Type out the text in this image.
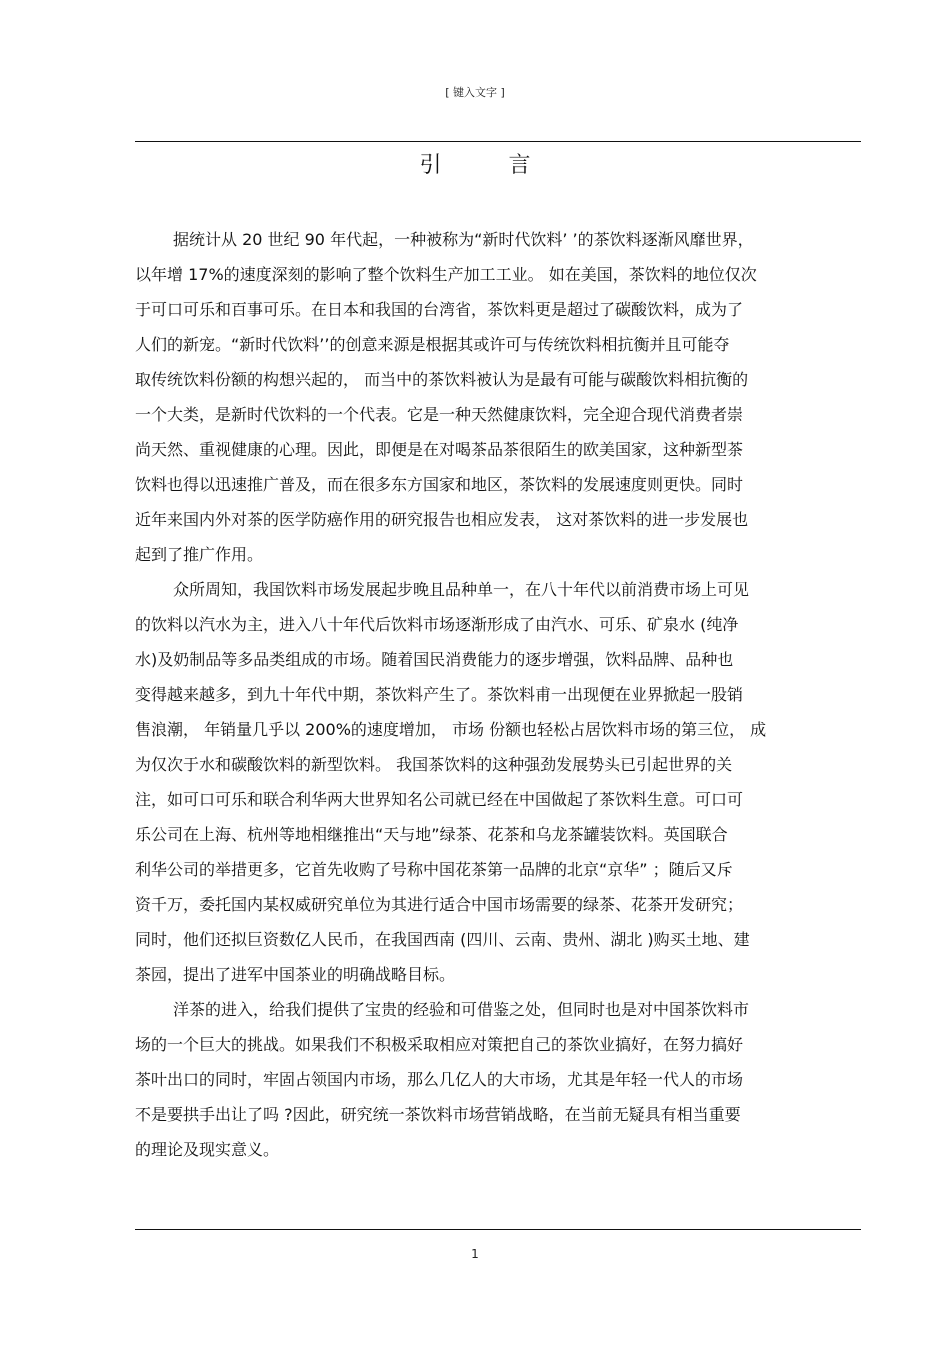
[ 键入文字 ]
引 言
据统计从 20 世纪 90 年代起，一种被称为“新时代饮料’ ’的茶饮料逐渐风靡世界，
以年增 17%的速度深刻的影响了整个饮料生产加工工业。 如在美国，茶饮料的地位仅次
于可口可乐和百事可乐。在日本和我国的台湾省，茶饮料更是超过了碳酸饮料，成为了
人们的新宠。“新时代饮料’’的创意来源是根据其或许可与传统饮料相抗衡并且可能夺
取传统饮料份额的构想兴起的， 而当中的茶饮料被认为是最有可能与碳酸饮料相抗衡的
一个大类，是新时代饮料的一个代表。它是一种天然健康饮料，完全迎合现代消费者崇
尚天然、重视健康的心理。因此，即便是在对喝茶品茶很陌生的欧美国家，这种新型茶
饮料也得以迅速推广普及，而在很多东方国家和地区，茶饮料的发展速度则更快。同时
近年来国内外对茶的医学防癌作用的研究报告也相应发表， 这对茶饮料的进一步发展也
起到了推广作用。
众所周知，我国饮料市场发展起步晚且品种单一，在八十年代以前消费市场上可见
的饮料以汽水为主，进入八十年代后饮料市场逐渐形成了由汽水、可乐、矿泉水 (纯净
水)及奶制品等多品类组成的市场。随着国民消费能力的逐步增强，饮料品牌、品种也
变得越来越多，到九十年代中期，茶饮料产生了。茶饮料甫一出现便在业界掀起一股销
售浪潮， 年销量几乎以 200%的速度增加， 市场 份额也轻松占居饮料市场的第三位， 成
为仅次于水和碳酸饮料的新型饮料。 我国茶饮料的这种强劲发展势头已引起世界的关
注，如可口可乐和联合利华两大世界知名公司就已经在中国做起了茶饮料生意。可口可
乐公司在上海、杭州等地相继推出“天与地”绿茶、花茶和乌龙茶罐装饮料。英国联合
利华公司的举措更多，它首先收购了号称中国花茶第一品牌的北京“京华” ；随后又斥
资千万，委托国内某权威研究单位为其进行适合中国市场需要的绿茶、花茶开发研究；
同时，他们还拟巨资数亿人民币，在我国西南 (四川、云南、贵州、湖北 )购买土地、建
茶园，提出了进军中国茶业的明确战略目标。
洋茶的进入，给我们提供了宝贵的经验和可借鉴之处，但同时也是对中国茶饮料市
场的一个巨大的挑战。如果我们不积极采取相应对策把自己的茶饮业搞好，在努力搞好
茶叶出口的同时，牢固占领国内市场，那么几亿人的大市场，尤其是年轻一代人的市场
不是要拱手出让了吗 ?因此，研究统一茶饮料市场营销战略，在当前无疑具有相当重要
的理论及现实意义。
1
